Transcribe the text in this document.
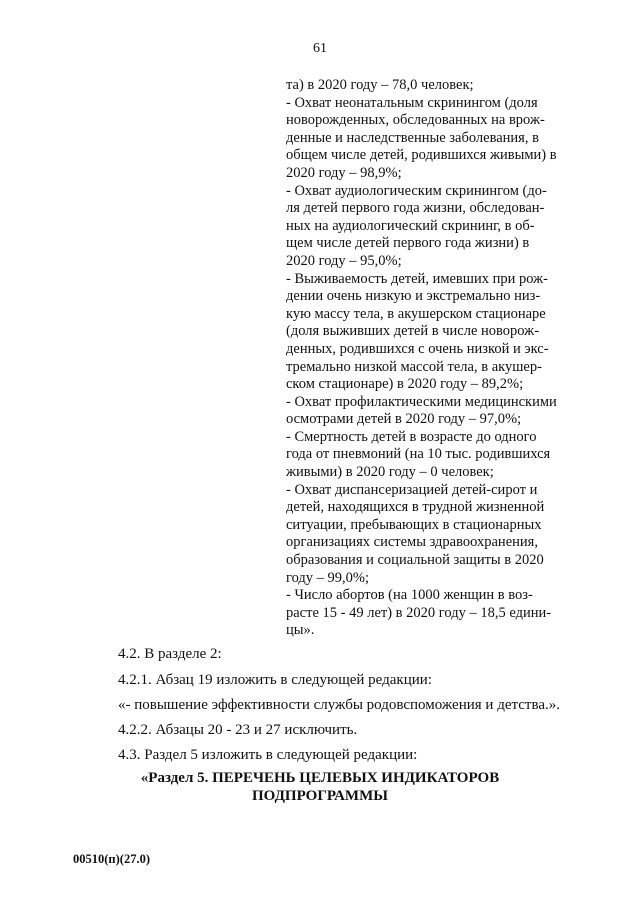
61
та) в 2020 году – 78,0 человек;
- Охват неонатальным скринингом (доля
новорожденных, обследованных на врож-
денные и наследственные заболевания, в
общем числе детей, родившихся живыми) в
2020 году – 98,9%;
- Охват аудиологическим скринингом (до-
ля детей первого года жизни, обследован-
ных на аудиологический скрининг, в об-
щем числе детей первого года жизни) в
2020 году – 95,0%;
- Выживаемость детей, имевших при рож-
дении очень низкую и экстремально низ-
кую массу тела, в акушерском стационаре
(доля выживших детей в числе новорож-
денных, родившихся с очень низкой и экс-
тремально низкой массой тела, в акушер-
ском стационаре) в 2020 году – 89,2%;
- Охват профилактическими медицинскими
осмотрами детей в 2020 году – 97,0%;
- Смертность детей в возрасте до одного
года от пневмоний (на 10 тыс. родившихся
живыми) в 2020 году – 0 человек;
- Охват диспансеризацией детей-сирот и
детей, находящихся в трудной жизненной
ситуации, пребывающих в стационарных
организациях системы здравоохранения,
образования и социальной защиты в 2020
году – 99,0%;
- Число абортов (на 1000 женщин в воз-
расте 15 - 49 лет) в 2020 году – 18,5 едини-
цы».
4.2. В разделе 2:
4.2.1. Абзац 19 изложить в следующей редакции:
«- повышение эффективности службы родовспоможения и детства.».
4.2.2. Абзацы 20 - 23 и 27 исключить.
4.3. Раздел 5 изложить в следующей редакции:
«Раздел 5. ПЕРЕЧЕНЬ ЦЕЛЕВЫХ ИНДИКАТОРОВ
ПОДПРОГРАММЫ
00510(п)(27.0)
